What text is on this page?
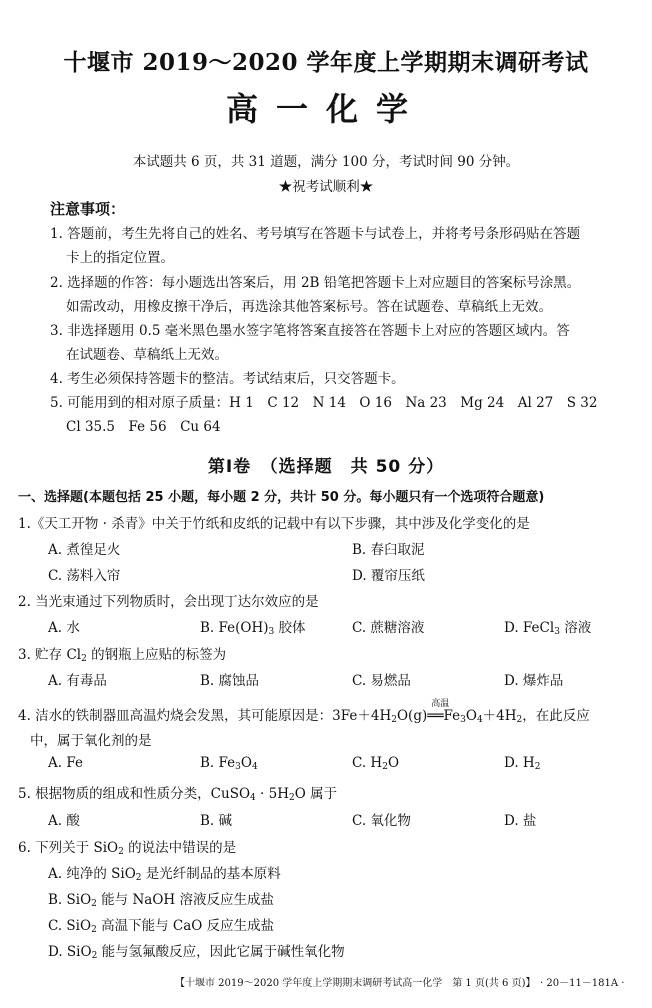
十堰市 2019～2020 学年度上学期期末调研考试
高一化学
本试题共 6 页，共 31 道题，满分 100 分，考试时间 90 分钟。
★祝考试顺利★
注意事项：
1. 答题前，考生先将自己的姓名、考号填写在答题卡与试卷上，并将考号条形码贴在答题
卡上的指定位置。
2. 选择题的作答：每小题选出答案后，用 2B 铅笔把答题卡上对应题目的答案标号涂黑。
如需改动，用橡皮擦干净后，再选涂其他答案标号。答在试题卷、草稿纸上无效。
3. 非选择题用 0.5 毫米黑色墨水签字笔将答案直接答在答题卡上对应的答题区域内。答
在试题卷、草稿纸上无效。
4. 考生必须保持答题卡的整洁。考试结束后，只交答题卡。
5. 可能用到的相对原子质量：H 1　C 12　N 14　O 16　Na 23　Mg 24　Al 27　S 32
Cl 35.5　Fe 56　Cu 64
第Ⅰ卷　（选择题　共 50 分）
一、选择题(本题包括 25 小题，每小题 2 分，共计 50 分。每小题只有一个选项符合题意)
1.《天工开物 · 杀青》中关于竹纸和皮纸的记载中有以下步骤，其中涉及化学变化的是
A. 煮徨足火	B. 春臼取泥
C. 荡料入帘	D. 覆帘压纸
2. 当光束通过下列物质时，会出现丁达尔效应的是
A. 水	B. $Fe(OH)_3$ 胶体	C. 蔗糖溶液	D. FeCl$_3$ 溶液
3. 贮存 $Cl_2$ 的钢瓶上应贴的标签为
A. 有毒品	B. 腐蚀品	C. 易燃品	D. 爆炸品
4. 洁水的铁制器皿高温灼烧会发黑，其可能原因是：$3Fe+4H_2O(g)$
高温
$══Fe_3O_4+4H_2$，在此反应
中，属于氧化剂的是
A. Fe	B. $Fe_3O_4$	C. $H_2O$	D. $H_2$
5. 根据物质的组成和性质分类，CuSO$_4$ · $5H_2O$ 属于
A. 酸	B. 碱	C. 氧化物	D. 盐
6. 下列关于 SiO$_2$ 的说法中错误的是
A. 纯净的 SiO$_2$ 是光纤制品的基本原料
B. SiO$_2$ 能与 NaOH 溶液反应生成盐
C. SiO$_2$ 高温下能与 CaO 反应生成盐
D. SiO$_2$ 能与氢氟酸反应，因此它属于碱性氧化物
【十堰市 2019～2020 学年度上学期期末调研考试高一化学　第 1 页(共 6 页)】 · 20－11－181A ·
